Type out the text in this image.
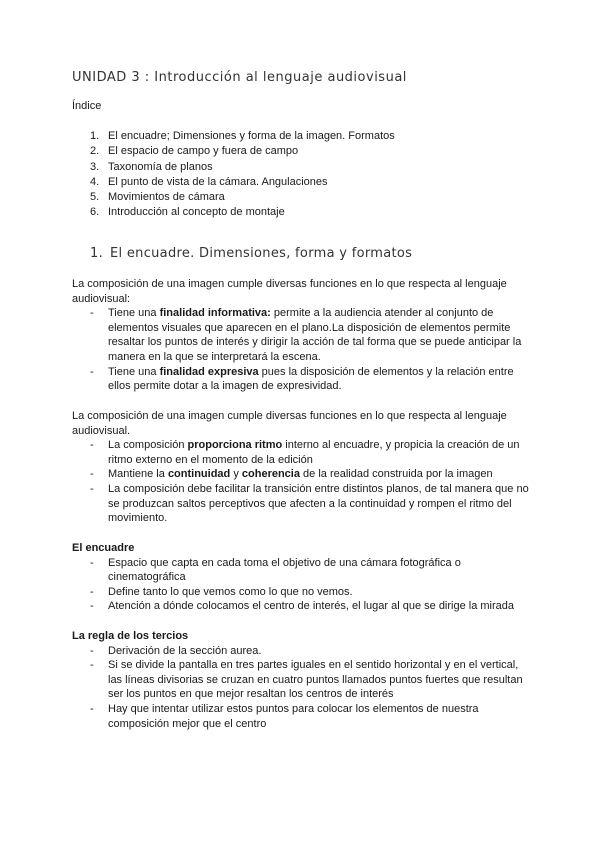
UNIDAD 3 : Introducción al lenguaje audiovisual
Índice
1. El encuadre; Dimensiones y forma de la imagen. Formatos
2. El espacio de campo y fuera de campo
3. Taxonomía de planos
4. El punto de vista de la cámara. Angulaciones
5. Movimientos de cámara
6. Introducción al concepto de montaje
1. El encuadre. Dimensiones, forma y formatos

La composición de una imagen cumple diversas funciones en lo que respecta al lenguaje audiovisual:

- Tiene una finalidad informativa: permite a la audiencia atender al conjunto de elementos visuales que aparecen en el plano.La disposición de elementos permite resaltar los puntos de interés y dirigir la acción de tal forma que se puede anticipar la manera en la que se interpretará la escena.
- Tiene una finalidad expresiva pues la disposición de elementos y la relación entre ellos permite dotar a la imagen de expresividad.

La composición de una imagen cumple diversas funciones en lo que respecta al lenguaje audiovisual.

- La composición proporciona ritmo interno al encuadre, y propicia la creación de un ritmo externo en el momento de la edición
- Mantiene la continuidad y coherencia de la realidad construida por la imagen
- La composición debe facilitar la transición entre distintos planos, de tal manera que no se produzcan saltos perceptivos que afecten a la continuidad y rompen el ritmo del movimiento.

El encuadre

- Espacio que capta en cada toma el objetivo de una cámara fotográfica o cinematográfica
- Define tanto lo que vemos como lo que no vemos.
- Atención a dónde colocamos el centro de interés, el lugar al que se dirige la mirada

La regla de los tercios

- Derivación de la sección aurea.
- Si se divide la pantalla en tres partes iguales en el sentido horizontal y en el vertical, las líneas divisorias se cruzan en cuatro puntos llamados puntos fuertes que resultan ser los puntos en que mejor resaltan los centros de interés
- Hay que intentar utilizar estos puntos para colocar los elementos de nuestra composición mejor que el centro
